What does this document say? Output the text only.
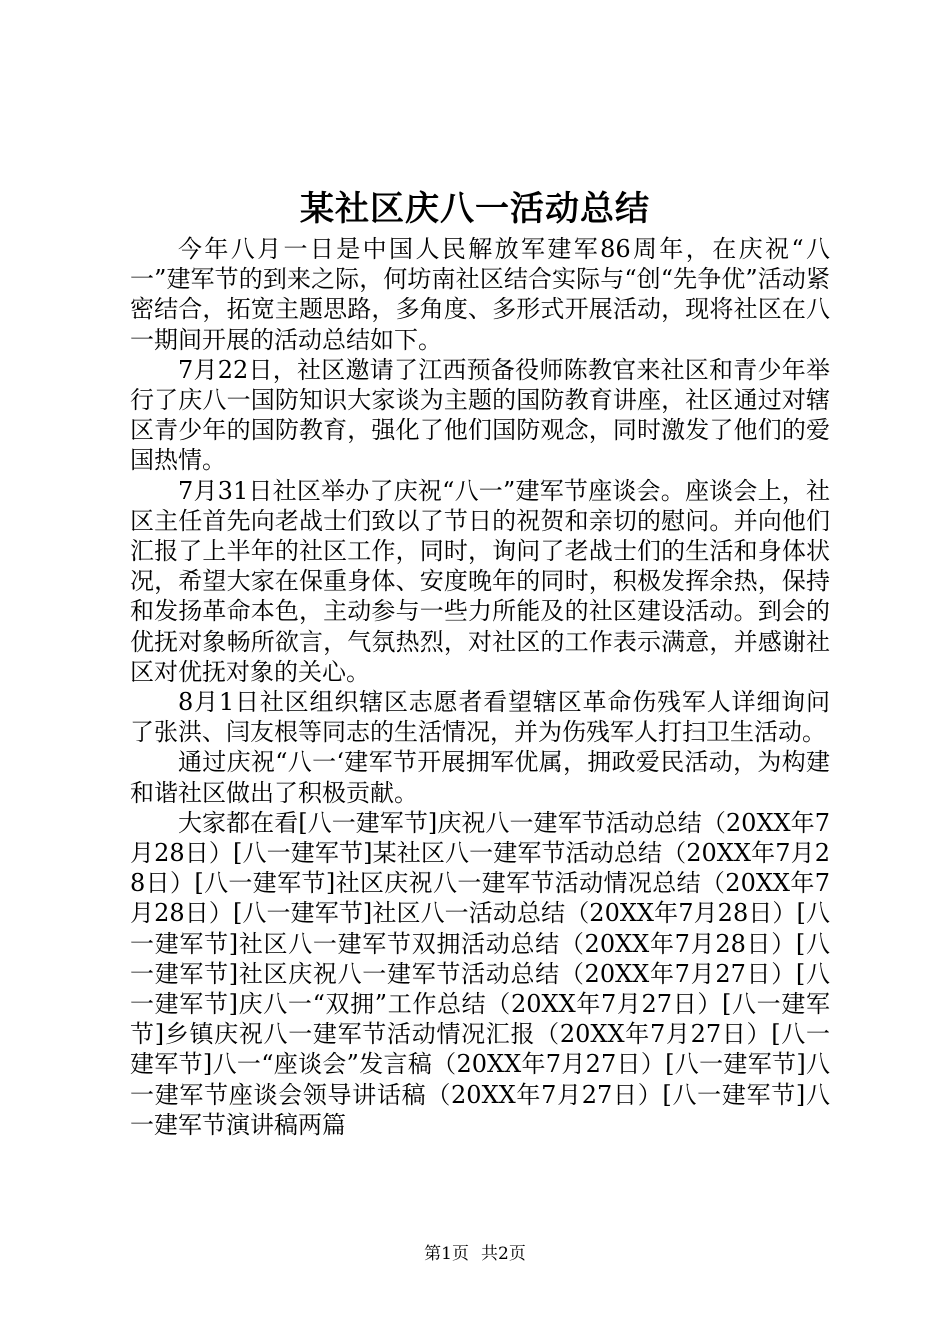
某社区庆八一活动总结

今年八月一日是中国人民解放军建军86周年，在庆祝“八一”建军节的到来之际，何坊南社区结合实际与“创“先争优”活动紧密结合，拓宽主题思路，多角度、多形式开展活动，现将社区在八一期间开展的活动总结如下。

7月22日，社区邀请了江西预备役师陈教官来社区和青少年举行了庆八一国防知识大家谈为主题的国防教育讲座，社区通过对辖区青少年的国防教育，强化了他们国防观念，同时激发了他们的爱国热情。

7月31日社区举办了庆祝“八一”建军节座谈会。座谈会上，社区主任首先向老战士们致以了节日的祝贺和亲切的慰问。并向他们汇报了上半年的社区工作，同时，询问了老战士们的生活和身体状况，希望大家在保重身体、安度晚年的同时，积极发挥余热，保持和发扬革命本色，主动参与一些力所能及的社区建设活动。到会的优抚对象畅所欲言，气氛热烈，对社区的工作表示满意，并感谢社区对优抚对象的关心。

8月1日社区组织辖区志愿者看望辖区革命伤残军人详细询问了张洪、闫友根等同志的生活情况，并为伤残军人打扫卫生活动。

通过庆祝“八一‘建军节开展拥军优属，拥政爱民活动，为构建和谐社区做出了积极贡献。

大家都在看[八一建军节]庆祝八一建军节活动总结（20XX年7月28日）[八一建军节]某社区八一建军节活动总结（20XX年7月28日）[八一建军节]社区庆祝八一建军节活动情况总结（20XX年7月28日）[八一建军节]社区八一活动总结（20XX年7月28日）[八一建军节]社区八一建军节双拥活动总结（20XX年7月28日）[八一建军节]社区庆祝八一建军节活动总结（20XX年7月27日）[八一建军节]庆八一“双拥”工作总结（20XX年7月27日）[八一建军节]乡镇庆祝八一建军节活动情况汇报（20XX年7月27日）[八一建军节]八一“座谈会”发言稿（20XX年7月27日）[八一建军节]八一建军节座谈会领导讲话稿（20XX年7月27日）[八一建军节]八一建军节演讲稿两篇

第1页 共2页
